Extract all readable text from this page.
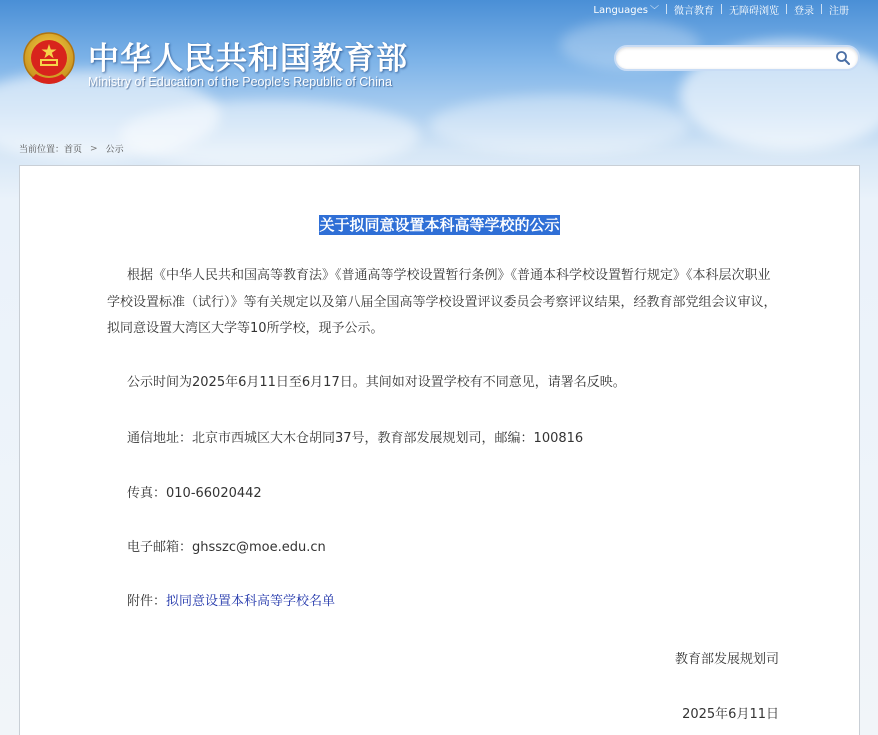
Languages ﹀	微言教育	无障碍浏览	登录	注册
中华人民共和国教育部
Ministry of Education of the People's Republic of China
当前位置： 首页 > 公示
关于拟同意设置本科高等学校的公示

根据《中华人民共和国高等教育法》《普通高等学校设置暂行条例》《普通本科学校设置暂行规定》《本科层次职业学校设置标准（试行）》等有关规定以及第八届全国高等学校设置评议委员会考察评议结果，经教育部党组会议审议，拟同意设置大湾区大学等10所学校，现予公示。

公示时间为2025年6月11日至6月17日。其间如对设置学校有不同意见，请署名反映。

通信地址：北京市西城区大木仓胡同37号，教育部发展规划司，邮编：100816

传真：010-66020442

电子邮箱：ghsszc@moe.edu.cn

附件：拟同意设置本科高等学校名单

教育部发展规划司
2025年6月11日
